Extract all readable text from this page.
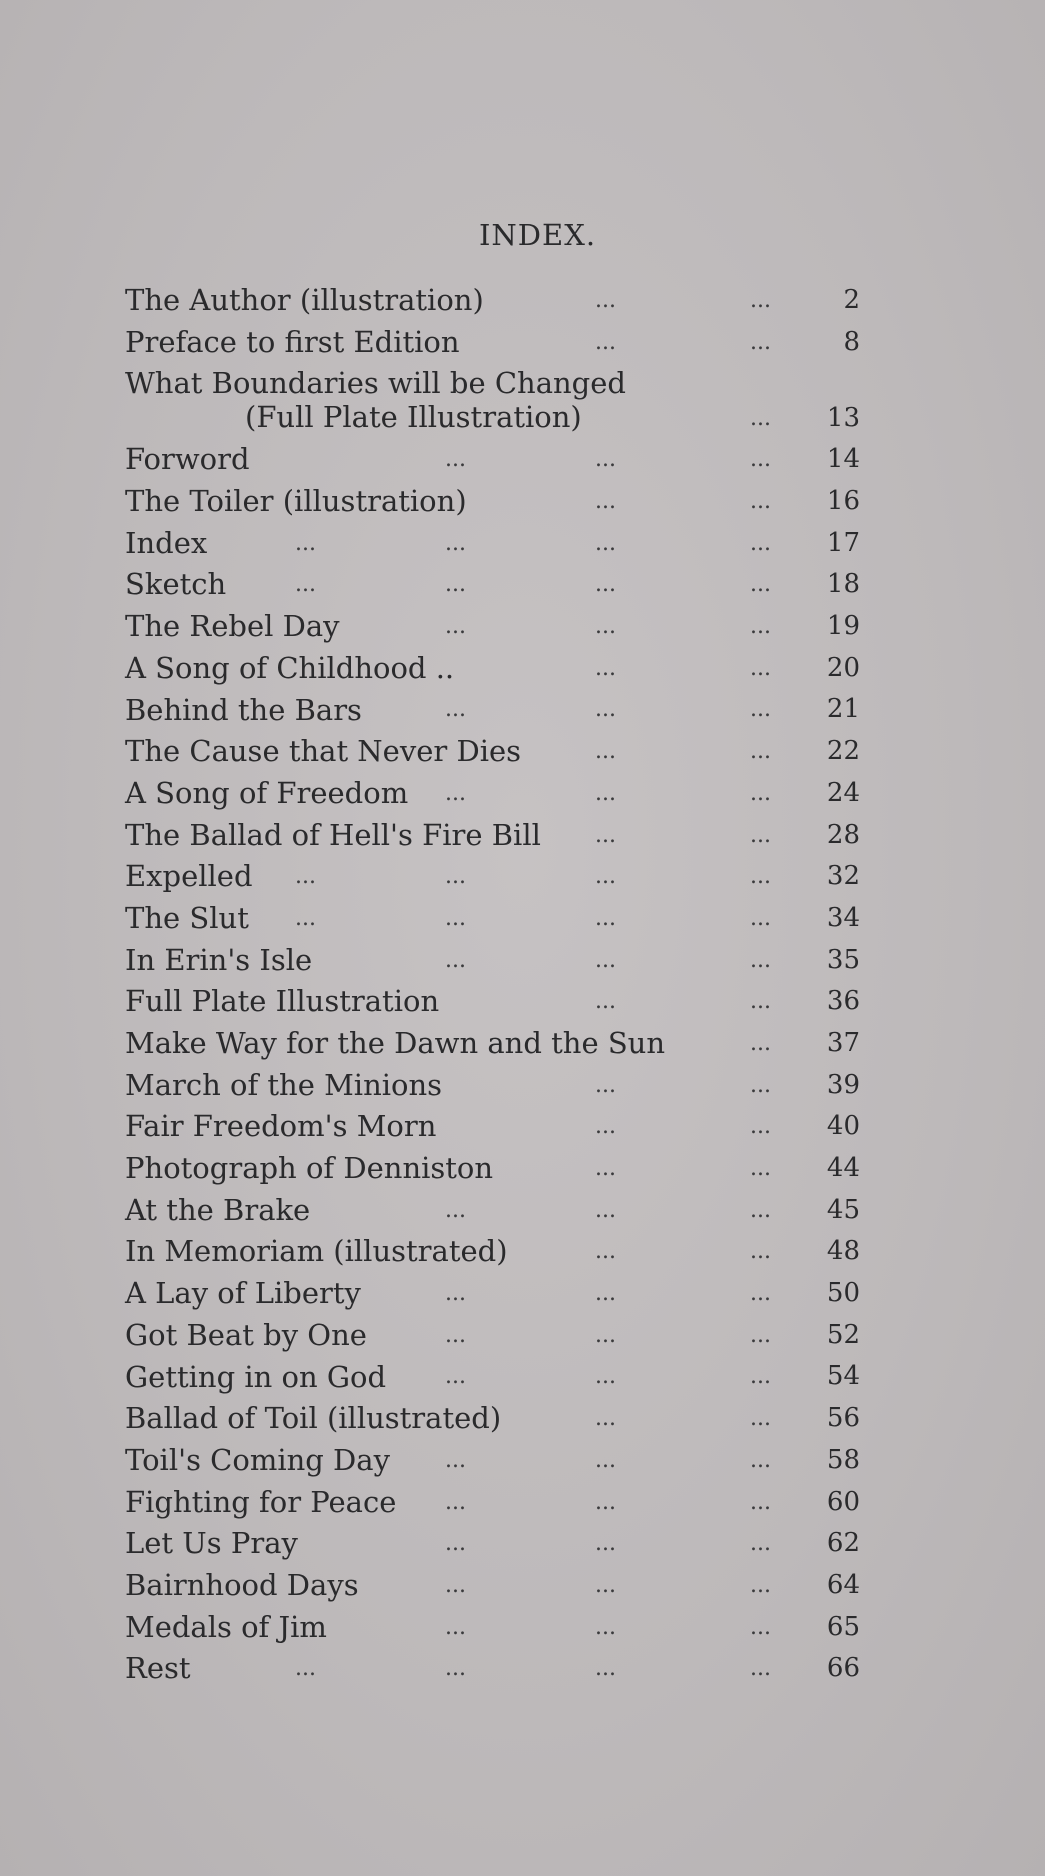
INDEX.
The Author (illustration)	...	...	2
Preface to first Edition	...	...	8
What Boundaries will be Changed
(Full Plate Illustration)	...	13
Forword	...	...	...	14
The Toiler (illustration)	...	...	16
Index	...	...	...	...	17
Sketch	...	...	...	...	18
The Rebel Day	...	...	...	19
A Song of Childhood ..	...	...	20
Behind the Bars	...	...	...	21
The Cause that Never Dies	...	...	22
A Song of Freedom ...	...	...	24
The Ballad of Hell's Fire Bill ...	...	28
Expelled ...	...	...	...	32
The Slut ...	...	...	...	34
In Erin's Isle	...	...	...	35
Full Plate Illustration	...	...	36
Make Way for the Dawn and the Sun	...	37
March of the Minions	...	...	39
Fair Freedom's Morn	...	...	40
Photograph of Denniston	...	...	44
At the Brake	...	...	...	45
In Memoriam (illustrated)	...	...	48
A Lay of Liberty	...	...	...	50
Got Beat by One	...	...	...	52
Getting in on God	...	...	...	54
Ballad of Toil (illustrated)	...	...	56
Toil's Coming Day	...	...	...	58
Fighting for Peace ...	...	...	60
Let Us Pray	...	...	...	62
Bairnhood Days	...	...	...	64
Medals of Jim	...	...	...	65
Rest	...	...	...	...	66
